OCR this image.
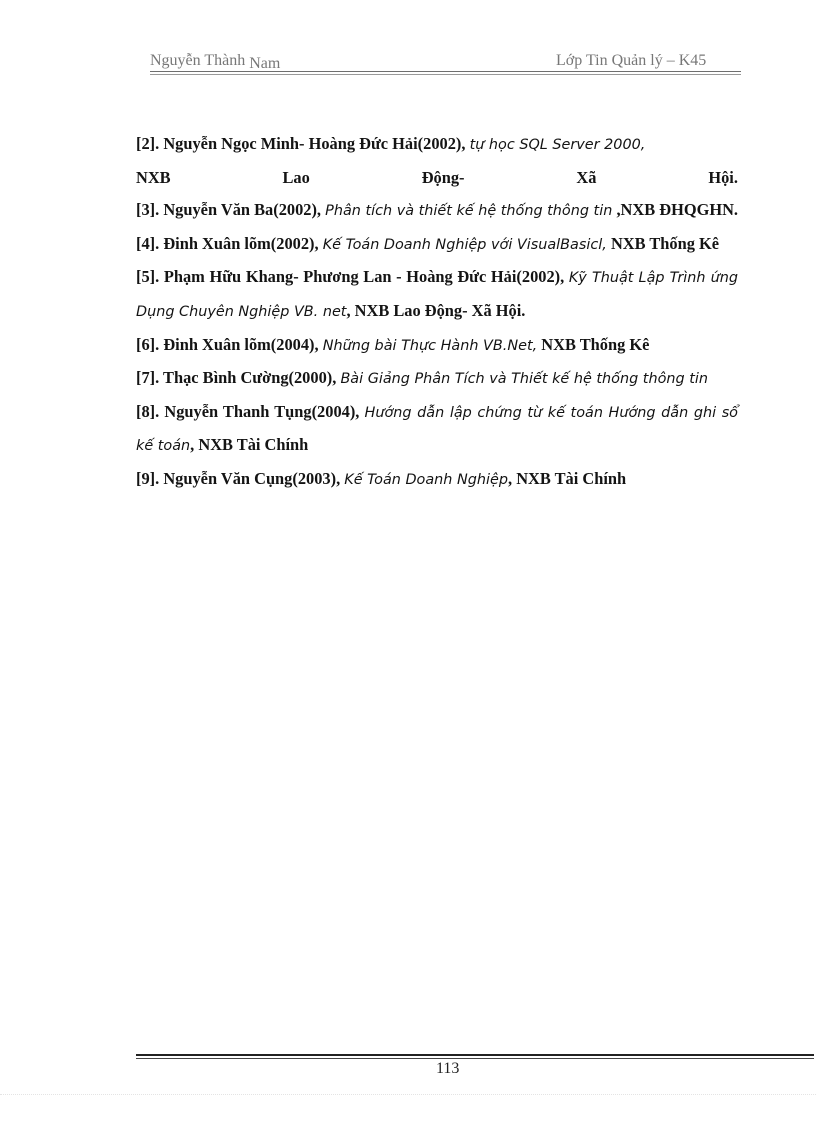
Nguyễn Thành Nam	Lớp Tin Quản lý – K45

[2]. Nguyễn Ngọc Minh- Hoàng Đức Hải(2002), tự học SQL Server 2000,

NXB	Lao	Động-	Xã	Hội.

[3]. Nguyễn Văn Ba(2002), Phân tích và thiết kế hệ thống thông tin ,NXB ĐHQGHN.

[4]. Đinh Xuân lõm(2002), Kế Toán Doanh Nghiệp với VisualBasicl, NXB Thống Kê

[5]. Phạm Hữu Khang- Phương Lan - Hoàng Đức Hải(2002), Kỹ Thuật Lập Trình ứng Dụng Chuyên Nghiệp VB. net, NXB Lao Động- Xã Hội.

[6]. Đinh Xuân lõm(2004), Những bài Thực Hành VB.Net, NXB Thống Kê

[7]. Thạc Bình Cường(2000), Bài Giảng Phân Tích và Thiết kế hệ thống thông tin

[8]. Nguyễn Thanh Tụng(2004), Hướng dẫn lập chứng từ kế toán Hướng dẫn ghi sổ kế toán, NXB Tài Chính

[9]. Nguyễn Văn Cụng(2003), Kế Toán Doanh Nghiệp, NXB Tài Chính

113
